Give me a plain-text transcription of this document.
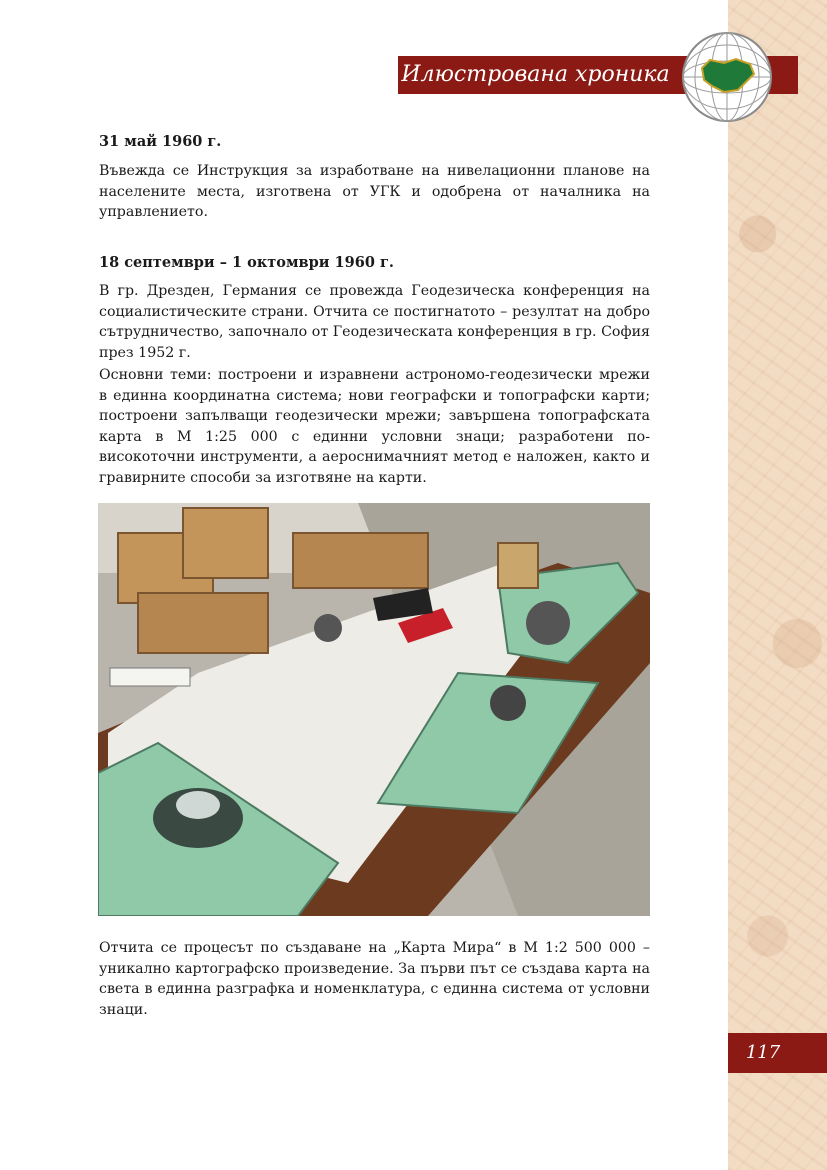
Илюстрована хроника
31 май 1960 г.

Въвежда се Инструкция за изработване на нивелационни планове на населените места, изготвена от УГК и одобрена от началника на управлението.

18 септември – 1 октомври 1960 г.

В гр. Дрезден, Германия се провежда Геодезическа конференция на социалистическите страни. Отчита се постигнатото – резултат на добро сътрудничество, започнало от Геодезическата конференция в гр. София през 1952 г.

Основни теми: построени и изравнени астрономо-геодезически мрежи в единна координатна система; нови географски и топографски карти; построени запълващи геодезически мрежи; завършена топографската карта в М 1:25 000 с единни условни знаци; разработени по-високоточни инструменти, а аероснимачният метод е наложен, както и гравирните способи за изготвяне на карти.

Отчита се процесът по създаване на „Карта Мира“ в М 1:2 500 000 – уникално картографско произведение. За първи път се създава карта на света в единна разграфка и номенклатура, с единна система от условни знаци.

117
